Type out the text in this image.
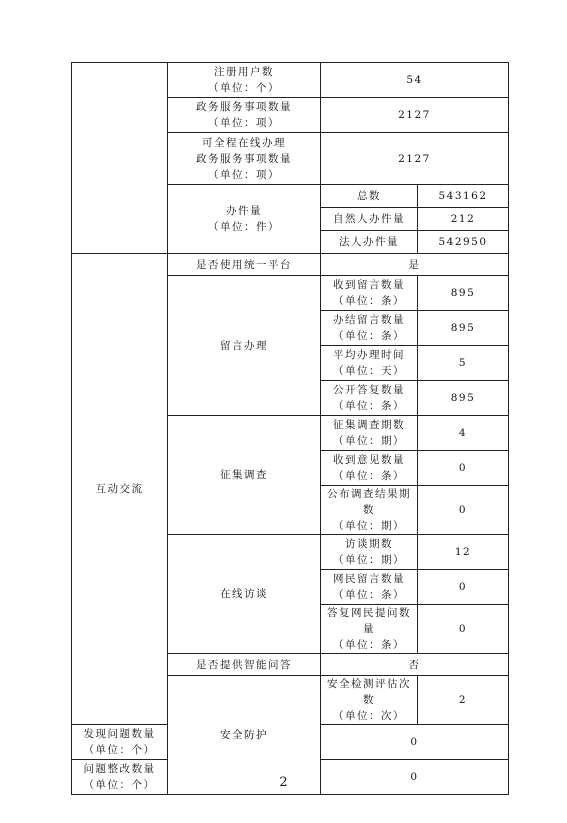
	注册用户数
（单位：个）	54	

	政务服务事项数量
（单位：项）	2127	

	可全程在线办理
政务服务事项数量
（单位：项）	2127	

	办件量
（单位：件）	总数	543162
		自然人办件量	212
		法人办件量	542950
互动交流	是否使用统一平台	是	
	留言办理	收到留言数量
（单位：条）	895

		办结留言数量
（单位：条）	895

		平均办理时间
（单位：天）	5

		公开答复数量
（单位：条）	895
	征集调查	征集调查期数
（单位：期）	4

		收到意见数量
（单位：条）	0

		公布调查结果期数
（单位：期）	0
	在线访谈	访谈期数
（单位：期）	12

		网民留言数量
（单位：条）	0

		答复网民提问数量
（单位：条）	0
	是否提供智能问答	否	
	安全防护	安全检测评估次数
（单位：次）	2

发现问题数量
（单位：个）		0	

问题整改数量
（单位：个）		0	
2
